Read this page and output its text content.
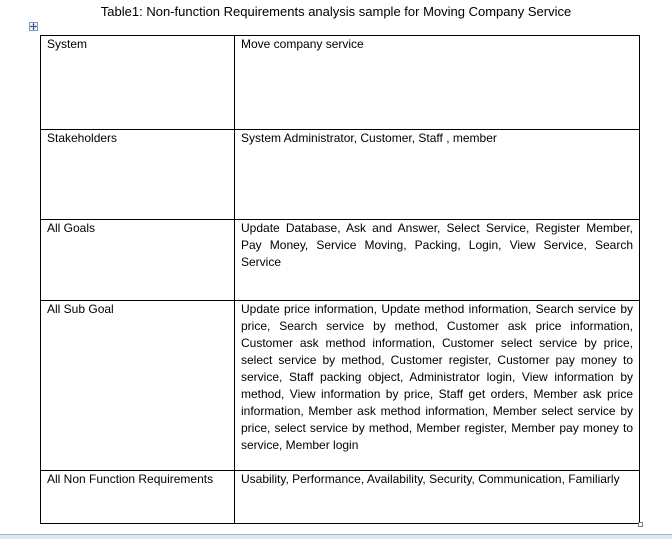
Table1: Non-function Requirements analysis sample for Moving Company Service
System	Move company service
Stakeholders	System Administrator, Customer, Staff , member
All Goals	Update Database, Ask and Answer, Select Service, Register Member, Pay Money, Service Moving, Packing, Login, View Service, Search Service
All Sub Goal	Update price information, Update method information, Search service by price, Search service by method, Customer ask price information, Customer ask method information, Customer select service by price, select service by method, Customer register, Customer pay money to service, Staff packing object, Administrator login, View information by method, View information by price, Staff get orders, Member ask price information, Member ask method information, Member select service by price, select service by method, Member register, Member pay money to service, Member login
All Non Function Requirements	Usability, Performance, Availability, Security, Communication, Familiarly
